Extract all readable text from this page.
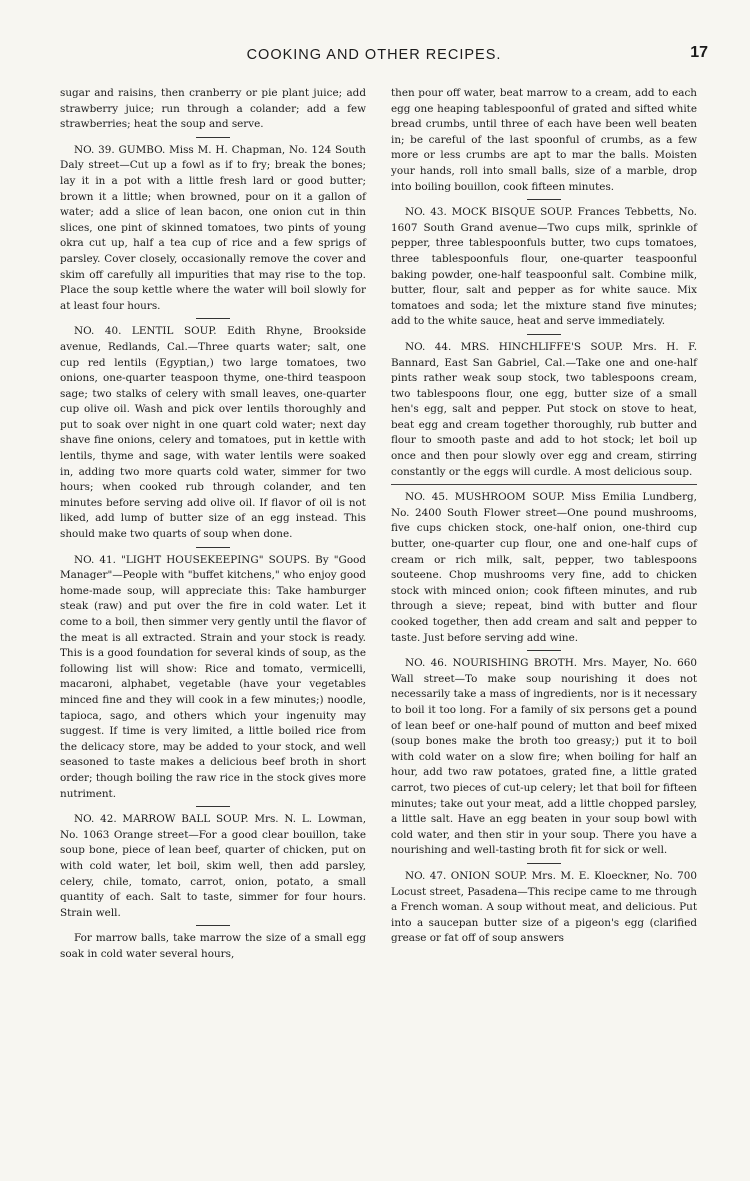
COOKING AND OTHER RECIPES.	17

sugar and raisins, then cranberry or pie plant juice; add strawberry juice; run through a colander; add a few strawberries; heat the soup and serve.

NO. 39. GUMBO. Miss M. H. Chapman, No. 124 South Daly street—Cut up a fowl as if to fry; break the bones; lay it in a pot with a little fresh lard or good butter; brown it a little; when browned, pour on it a gallon of water; add a slice of lean bacon, one onion cut in thin slices, one pint of skinned tomatoes, two pints of young okra cut up, half a tea cup of rice and a few sprigs of parsley. Cover closely, occasionally remove the cover and skim off carefully all impurities that may rise to the top. Place the soup kettle where the water will boil slowly for at least four hours.

NO. 40. LENTIL SOUP. Edith Rhyne, Brookside avenue, Redlands, Cal.—Three quarts water; salt, one cup red lentils (Egyptian,) two large tomatoes, two onions, one-quarter teaspoon thyme, one-third teaspoon sage; two stalks of celery with small leaves, one-quarter cup olive oil. Wash and pick over lentils thoroughly and put to soak over night in one quart cold water; next day shave fine onions, celery and tomatoes, put in kettle with lentils, thyme and sage, with water lentils were soaked in, adding two more quarts cold water, simmer for two hours; when cooked rub through colander, and ten minutes before serving add olive oil. If flavor of oil is not liked, add lump of butter size of an egg instead. This should make two quarts of soup when done.

NO. 41. "LIGHT HOUSEKEEPING" SOUPS. By "Good Manager"—People with "buffet kitchens," who enjoy good home-made soup, will appreciate this: Take hamburger steak (raw) and put over the fire in cold water. Let it come to a boil, then simmer very gently until the flavor of the meat is all extracted. Strain and your stock is ready. This is a good foundation for several kinds of soup, as the following list will show: Rice and tomato, vermicelli, macaroni, alphabet, vegetable (have your vegetables minced fine and they will cook in a few minutes;) noodle, tapioca, sago, and others which your ingenuity may suggest. If time is very limited, a little boiled rice from the delicacy store, may be added to your stock, and well seasoned to taste makes a delicious beef broth in short order; though boiling the raw rice in the stock gives more nutriment.

NO. 42. MARROW BALL SOUP. Mrs. N. L. Lowman, No. 1063 Orange street—For a good clear bouillon, take soup bone, piece of lean beef, quarter of chicken, put on with cold water, let boil, skim well, then add parsley, celery, chile, tomato, carrot, onion, potato, a small quantity of each. Salt to taste, simmer for four hours. Strain well.

For marrow balls, take marrow the size of a small egg soak in cold water several hours,

then pour off water, beat marrow to a cream, add to each egg one heaping tablespoonful of grated and sifted white bread crumbs, until three of each have been well beaten in; be careful of the last spoonful of crumbs, as a few more or less crumbs are apt to mar the balls. Moisten your hands, roll into small balls, size of a marble, drop into boiling bouillon, cook fifteen minutes.

NO. 43. MOCK BISQUE SOUP. Frances Tebbetts, No. 1607 South Grand avenue—Two cups milk, sprinkle of pepper, three tablespoonfuls butter, two cups tomatoes, three tablespoonfuls flour, one-quarter teaspoonful baking powder, one-half teaspoonful salt. Combine milk, butter, flour, salt and pepper as for white sauce. Mix tomatoes and soda; let the mixture stand five minutes; add to the white sauce, heat and serve immediately.

NO. 44. MRS. HINCHLIFFE'S SOUP. Mrs. H. F. Bannard, East San Gabriel, Cal.—Take one and one-half pints rather weak soup stock, two tablespoons cream, two tablespoons flour, one egg, butter size of a small hen's egg, salt and pepper. Put stock on stove to heat, beat egg and cream together thoroughly, rub butter and flour to smooth paste and add to hot stock; let boil up once and then pour slowly over egg and cream, stirring constantly or the eggs will curdle. A most delicious soup.

NO. 45. MUSHROOM SOUP. Miss Emilia Lundberg, No. 2400 South Flower street—One pound mushrooms, five cups chicken stock, one-half onion, one-third cup butter, one-quarter cup flour, one and one-half cups of cream or rich milk, salt, pepper, two tablespoons souteene. Chop mushrooms very fine, add to chicken stock with minced onion; cook fifteen minutes, and rub through a sieve; repeat, bind with butter and flour cooked together, then add cream and salt and pepper to taste. Just before serving add wine.

NO. 46. NOURISHING BROTH. Mrs. Mayer, No. 660 Wall street—To make soup nourishing it does not necessarily take a mass of ingredients, nor is it necessary to boil it too long. For a family of six persons get a pound of lean beef or one-half pound of mutton and beef mixed (soup bones make the broth too greasy;) put it to boil with cold water on a slow fire; when boiling for half an hour, add two raw potatoes, grated fine, a little grated carrot, two pieces of cut-up celery; let that boil for fifteen minutes; take out your meat, add a little chopped parsley, a little salt. Have an egg beaten in your soup bowl with cold water, and then stir in your soup. There you have a nourishing and well-tasting broth fit for sick or well.

NO. 47. ONION SOUP. Mrs. M. E. Kloeckner, No. 700 Locust street, Pasadena—This recipe came to me through a French woman. A soup without meat, and delicious. Put into a saucepan butter size of a pigeon's egg (clarified grease or fat off of soup answers
